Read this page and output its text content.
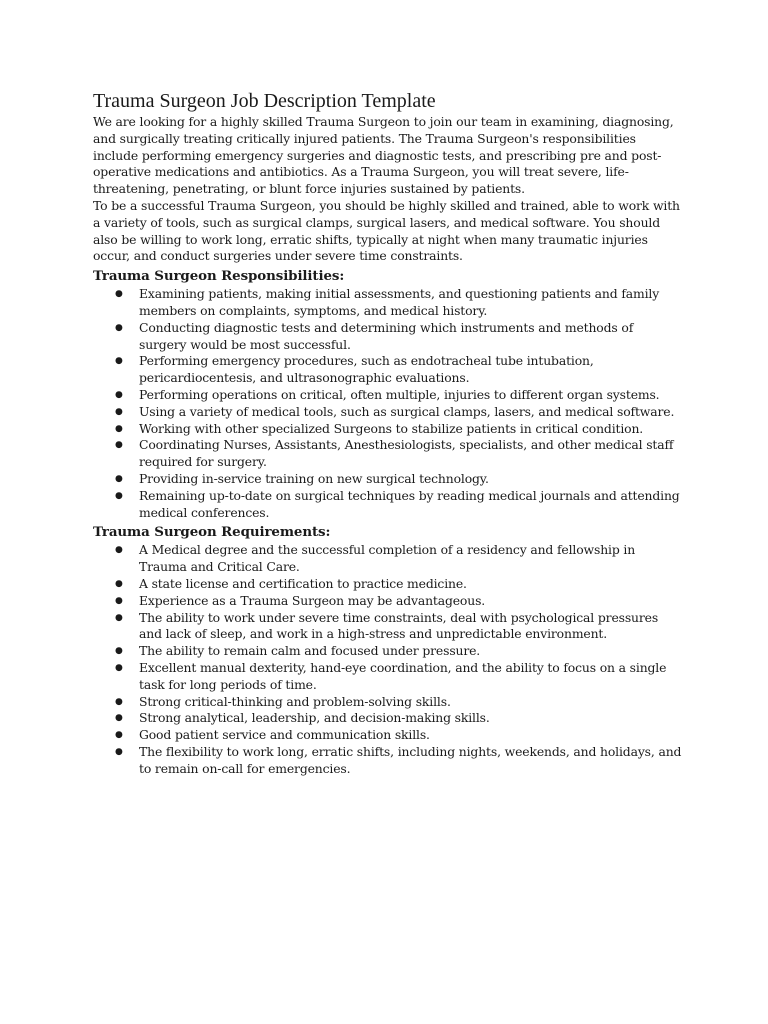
Trauma Surgeon Job Description Template

We are looking for a highly skilled Trauma Surgeon to join our team in examining, diagnosing, and surgically treating critically injured patients. The Trauma Surgeon's responsibilities include performing emergency surgeries and diagnostic tests, and prescribing pre and post-operative medications and antibiotics. As a Trauma Surgeon, you will treat severe, life-threatening, penetrating, or blunt force injuries sustained by patients.

To be a successful Trauma Surgeon, you should be highly skilled and trained, able to work with a variety of tools, such as surgical clamps, surgical lasers, and medical software. You should also be willing to work long, erratic shifts, typically at night when many traumatic injuries occur, and conduct surgeries under severe time constraints.

Trauma Surgeon Responsibilities:
● Examining patients, making initial assessments, and questioning patients and family members on complaints, symptoms, and medical history.
● Conducting diagnostic tests and determining which instruments and methods of surgery would be most successful.
● Performing emergency procedures, such as endotracheal tube intubation, pericardiocentesis, and ultrasonographic evaluations.
● Performing operations on critical, often multiple, injuries to different organ systems.
● Using a variety of medical tools, such as surgical clamps, lasers, and medical software.
● Working with other specialized Surgeons to stabilize patients in critical condition.
● Coordinating Nurses, Assistants, Anesthesiologists, specialists, and other medical staff required for surgery.
● Providing in-service training on new surgical technology.
● Remaining up-to-date on surgical techniques by reading medical journals and attending medical conferences.
Trauma Surgeon Requirements:
● A Medical degree and the successful completion of a residency and fellowship in Trauma and Critical Care.
● A state license and certification to practice medicine.
● Experience as a Trauma Surgeon may be advantageous.
● The ability to work under severe time constraints, deal with psychological pressures and lack of sleep, and work in a high-stress and unpredictable environment.
● The ability to remain calm and focused under pressure.
● Excellent manual dexterity, hand-eye coordination, and the ability to focus on a single task for long periods of time.
● Strong critical-thinking and problem-solving skills.
● Strong analytical, leadership, and decision-making skills.
● Good patient service and communication skills.
● The flexibility to work long, erratic shifts, including nights, weekends, and holidays, and to remain on-call for emergencies.
